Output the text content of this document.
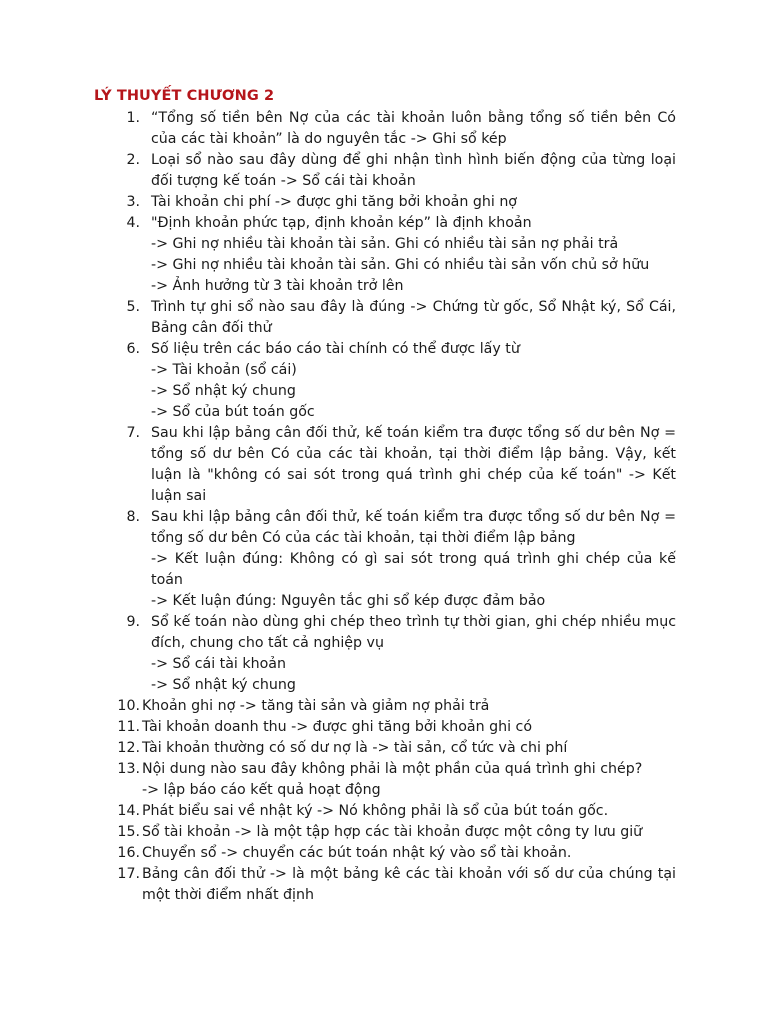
LÝ THUYẾT CHƯƠNG 2
1. “Tổng số tiền bên Nợ của các tài khoản luôn bằng tổng số tiền bên Có của các tài khoản” là do nguyên tắc -> Ghi sổ kép
2. Loại sổ nào sau đây dùng để ghi nhận tình hình biến động của từng loại đối tượng kế toán -> Sổ cái tài khoản
3. Tài khoản chi phí -> được ghi tăng bởi khoản ghi nợ
4. "Định khoản phức tạp, định khoản kép” là định khoản
-> Ghi nợ nhiều tài khoản tài sản. Ghi có nhiều tài sản nợ phải trả
-> Ghi nợ nhiều tài khoản tài sản. Ghi có nhiều tài sản vốn chủ sở hữu
-> Ảnh hưởng từ 3 tài khoản trở lên
5. Trình tự ghi sổ nào sau đây là đúng -> Chứng từ gốc, Sổ Nhật ký, Sổ Cái, Bảng cân đối thử
6. Số liệu trên các báo cáo tài chính có thể được lấy từ
-> Tài khoản (sổ cái)
-> Sổ nhật ký chung
-> Sổ của bút toán gốc
7. Sau khi lập bảng cân đối thử, kế toán kiểm tra được tổng số dư bên Nợ = tổng số dư bên Có của các tài khoản, tại thời điểm lập bảng. Vậy, kết luận là "không có sai sót trong quá trình ghi chép của kế toán" -> Kết luận sai
8. Sau khi lập bảng cân đối thử, kế toán kiểm tra được tổng số dư bên Nợ = tổng số dư bên Có của các tài khoản, tại thời điểm lập bảng
-> Kết luận đúng: Không có gì sai sót trong quá trình ghi chép của kế toán
-> Kết luận đúng: Nguyên tắc ghi sổ kép được đảm bảo
9. Sổ kế toán nào dùng ghi chép theo trình tự thời gian, ghi chép nhiều mục đích, chung cho tất cả nghiệp vụ
-> Sổ cái tài khoản
-> Sổ nhật ký chung
10. Khoản ghi nợ -> tăng tài sản và giảm nợ phải trả
11. Tài khoản doanh thu -> được ghi tăng bởi khoản ghi có
12. Tài khoản thường có số dư nợ là -> tài sản, cổ tức và chi phí
13. Nội dung nào sau đây không phải là một phần của quá trình ghi chép?
-> lập báo cáo kết quả hoạt động
14. Phát biểu sai về nhật ký -> Nó không phải là sổ của bút toán gốc.
15. Sổ tài khoản -> là một tập hợp các tài khoản được một công ty lưu giữ
16. Chuyển sổ -> chuyển các bút toán nhật ký vào sổ tài khoản.
17. Bảng cân đối thử -> là một bảng kê các tài khoản với số dư của chúng tại một thời điểm nhất định
